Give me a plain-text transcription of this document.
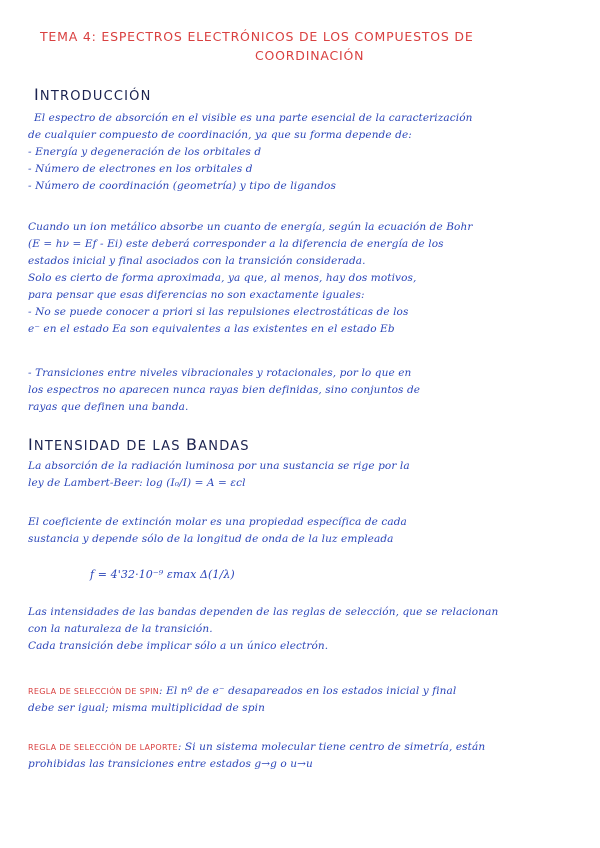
TEMA 4: ESPECTROS ELECTRÓNICOS DE LOS COMPUESTOS DE
COORDINACIÓN
INTRODUCCIÓN
El espectro de absorción en el visible es una parte esencial de la caracterización
de cualquier compuesto de coordinación, ya que su forma depende de:
- Energía y degeneración de los orbitales d
- Número de electrones en los orbitales d
- Número de coordinación (geometría) y tipo de ligandos
Cuando un ion metálico absorbe un cuanto de energía, según la ecuación de Bohr
(E = hν = Ef - Ei) este deberá corresponder a la diferencia de energía de los
estados inicial y final asociados con la transición considerada.
Solo es cierto de forma aproximada, ya que, al menos, hay dos motivos,
para pensar que esas diferencias no son exactamente iguales:
- No se puede conocer a priori si las repulsiones electrostáticas de los
e⁻ en el estado Ea son equivalentes a las existentes en el estado Eb
- Transiciones entre niveles vibracionales y rotacionales, por lo que en
los espectros no aparecen nunca rayas bien definidas, sino conjuntos de
rayas que definen una banda.
INTENSIDAD DE LAS BANDAS
La absorción de la radiación luminosa por una sustancia se rige por la
ley de Lambert-Beer: log (I₀/I) = A = εcl
El coeficiente de extinción molar es una propiedad específica de cada
sustancia y depende sólo de la longitud de onda de la luz empleada
f = 4'32·10⁻⁹ εmax Δ(1/λ)
Las intensidades de las bandas dependen de las reglas de selección, que se relacionan
con la naturaleza de la transición.
Cada transición debe implicar sólo a un único electrón.
REGLA DE SELECCIÓN DE SPIN: El nº de e⁻ desapareados en los estados inicial y final
debe ser igual; misma multiplicidad de spin
REGLA DE SELECCIÓN DE LAPORTE: Si un sistema molecular tiene centro de simetría, están
prohibidas las transiciones entre estados g→g o u→u
